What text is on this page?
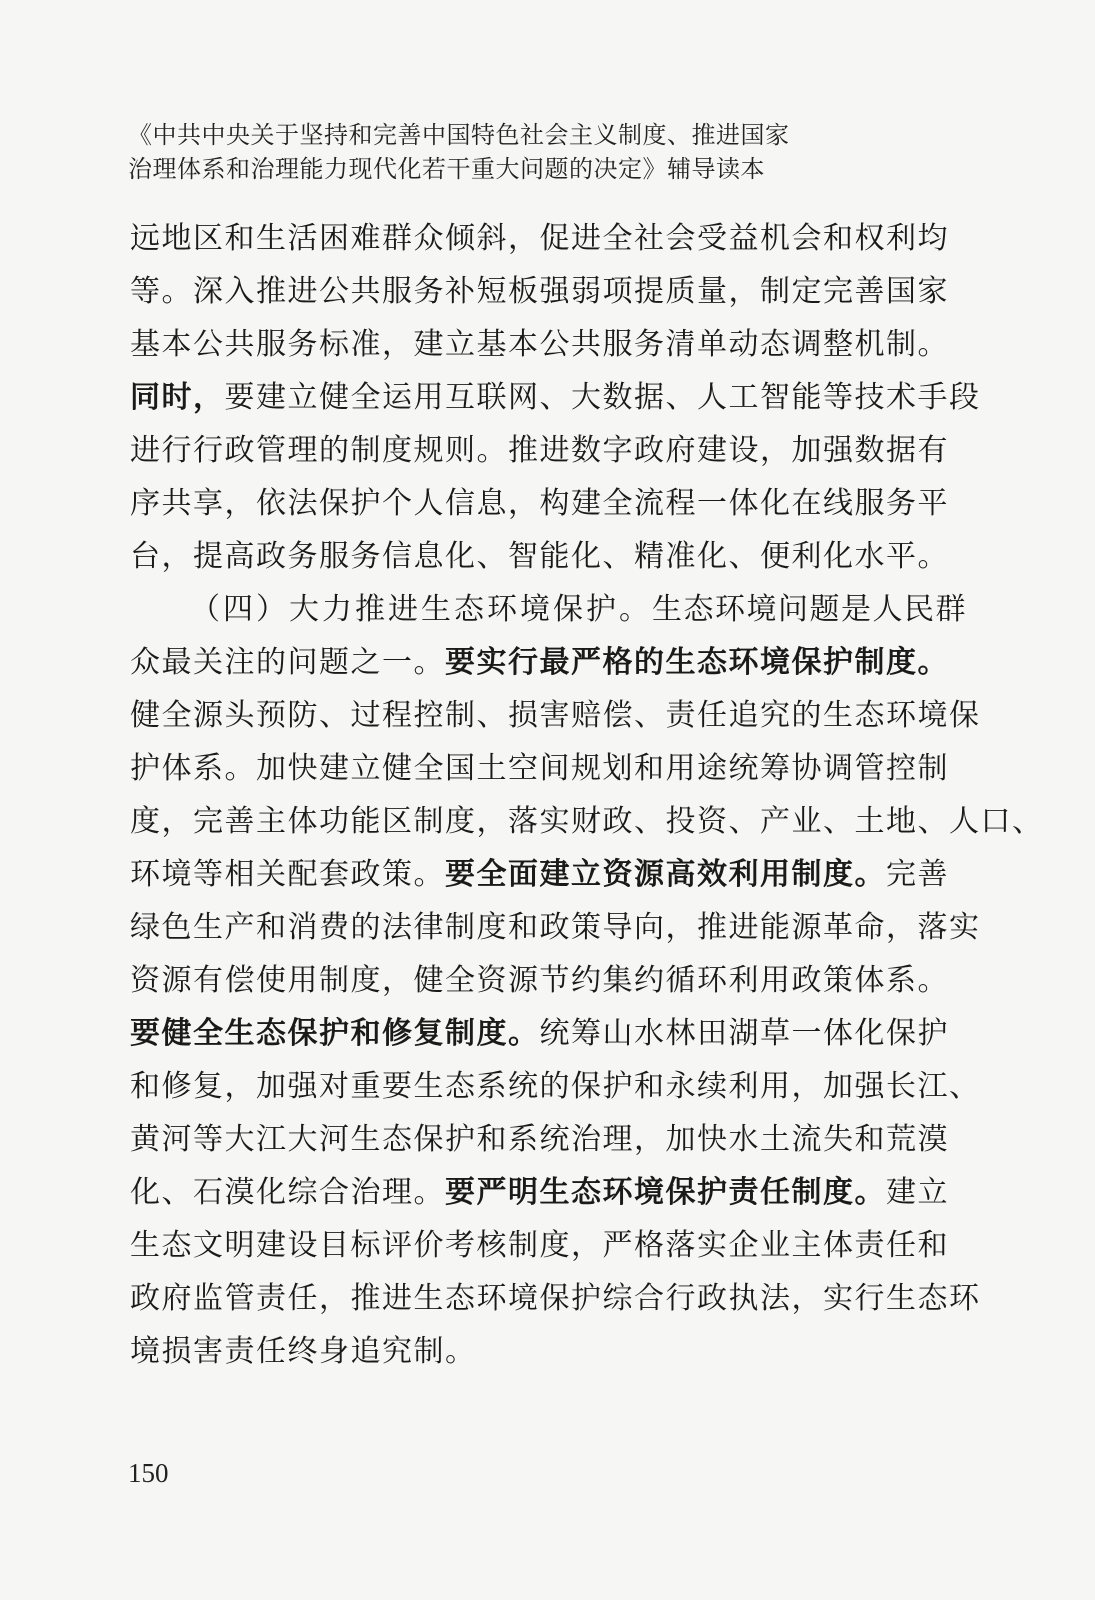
《中共中央关于坚持和完善中国特色社会主义制度、推进国家
治理体系和治理能力现代化若干重大问题的决定》辅导读本
远地区和生活困难群众倾斜，促进全社会受益机会和权利均
等。深入推进公共服务补短板强弱项提质量，制定完善国家
基本公共服务标准，建立基本公共服务清单动态调整机制。
同时，要建立健全运用互联网、大数据、人工智能等技术手段
进行行政管理的制度规则。推进数字政府建设，加强数据有
序共享，依法保护个人信息，构建全流程一体化在线服务平
台，提高政务服务信息化、智能化、精准化、便利化水平。
（四）大力推进生态环境保护。生态环境问题是人民群
众最关注的问题之一。要实行最严格的生态环境保护制度。
健全源头预防、过程控制、损害赔偿、责任追究的生态环境保
护体系。加快建立健全国土空间规划和用途统筹协调管控制
度，完善主体功能区制度，落实财政、投资、产业、土地、人口、
环境等相关配套政策。要全面建立资源高效利用制度。完善
绿色生产和消费的法律制度和政策导向，推进能源革命，落实
资源有偿使用制度，健全资源节约集约循环利用政策体系。
要健全生态保护和修复制度。统筹山水林田湖草一体化保护
和修复，加强对重要生态系统的保护和永续利用，加强长江、
黄河等大江大河生态保护和系统治理，加快水土流失和荒漠
化、石漠化综合治理。要严明生态环境保护责任制度。建立
生态文明建设目标评价考核制度，严格落实企业主体责任和
政府监管责任，推进生态环境保护综合行政执法，实行生态环
境损害责任终身追究制。
150
